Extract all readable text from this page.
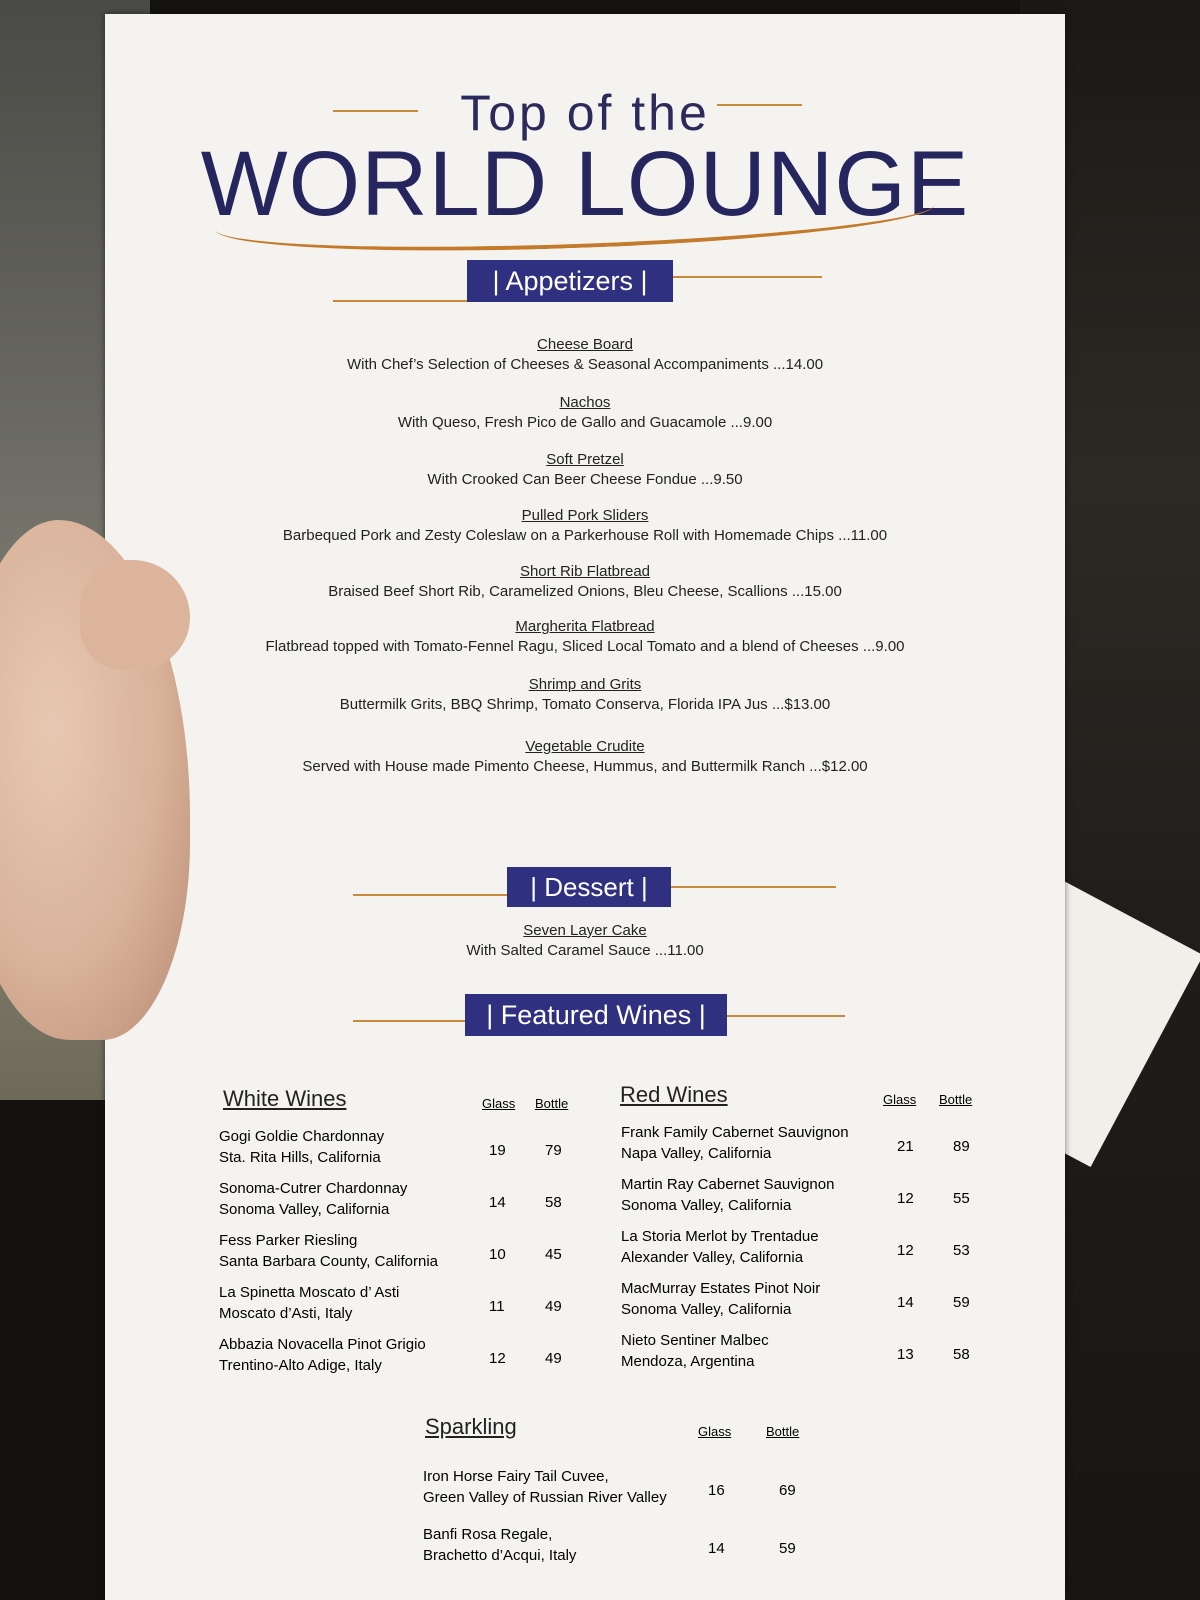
Top of the
WORLD LOUNGE
| Appetizers |
Cheese Board
With Chef’s Selection of Cheeses & Seasonal Accompaniments ...14.00
Nachos
With Queso, Fresh Pico de Gallo and Guacamole ...9.00
Soft Pretzel
With Crooked Can Beer Cheese Fondue ...9.50
Pulled Pork Sliders
Barbequed Pork and Zesty Coleslaw on a Parkerhouse Roll with Homemade Chips ...11.00
Short Rib Flatbread
Braised Beef Short Rib, Caramelized Onions, Bleu Cheese, Scallions ...15.00
Margherita Flatbread
Flatbread topped with Tomato-Fennel Ragu, Sliced Local Tomato and a blend of Cheeses ...9.00
Shrimp and Grits
Buttermilk Grits, BBQ Shrimp, Tomato Conserva, Florida IPA Jus ...$13.00
Vegetable Crudite
Served with House made Pimento Cheese, Hummus, and Buttermilk Ranch ...$12.00
| Dessert |
Seven Layer Cake
With Salted Caramel Sauce ...11.00
| Featured Wines |
White Wines	Glass Bottle
Gogi Goldie Chardonnay
Sta. Rita Hills, California	19	79
Sonoma-Cutrer Chardonnay
Sonoma Valley, California	14	58
Fess Parker Riesling
Santa Barbara County, California	10	45
La Spinetta Moscato d’ Asti
Moscato d’Asti, Italy	11	49
Abbazia Novacella Pinot Grigio
Trentino-Alto Adige, Italy	12	49
Red Wines	Glass Bottle
Frank Family Cabernet Sauvignon
Napa Valley, California	21	89
Martin Ray Cabernet Sauvignon
Sonoma Valley, California	12	55
La Storia Merlot by Trentadue
Alexander Valley, California	12	53
MacMurray Estates Pinot Noir
Sonoma Valley, California	14	59
Nieto Sentiner Malbec
Mendoza, Argentina	13	58
Sparkling	Glass	Bottle
Iron Horse Fairy Tail Cuvee,
Green Valley of Russian River Valley	16	69
Banfi Rosa Regale,
Brachetto d’Acqui, Italy	14	59
